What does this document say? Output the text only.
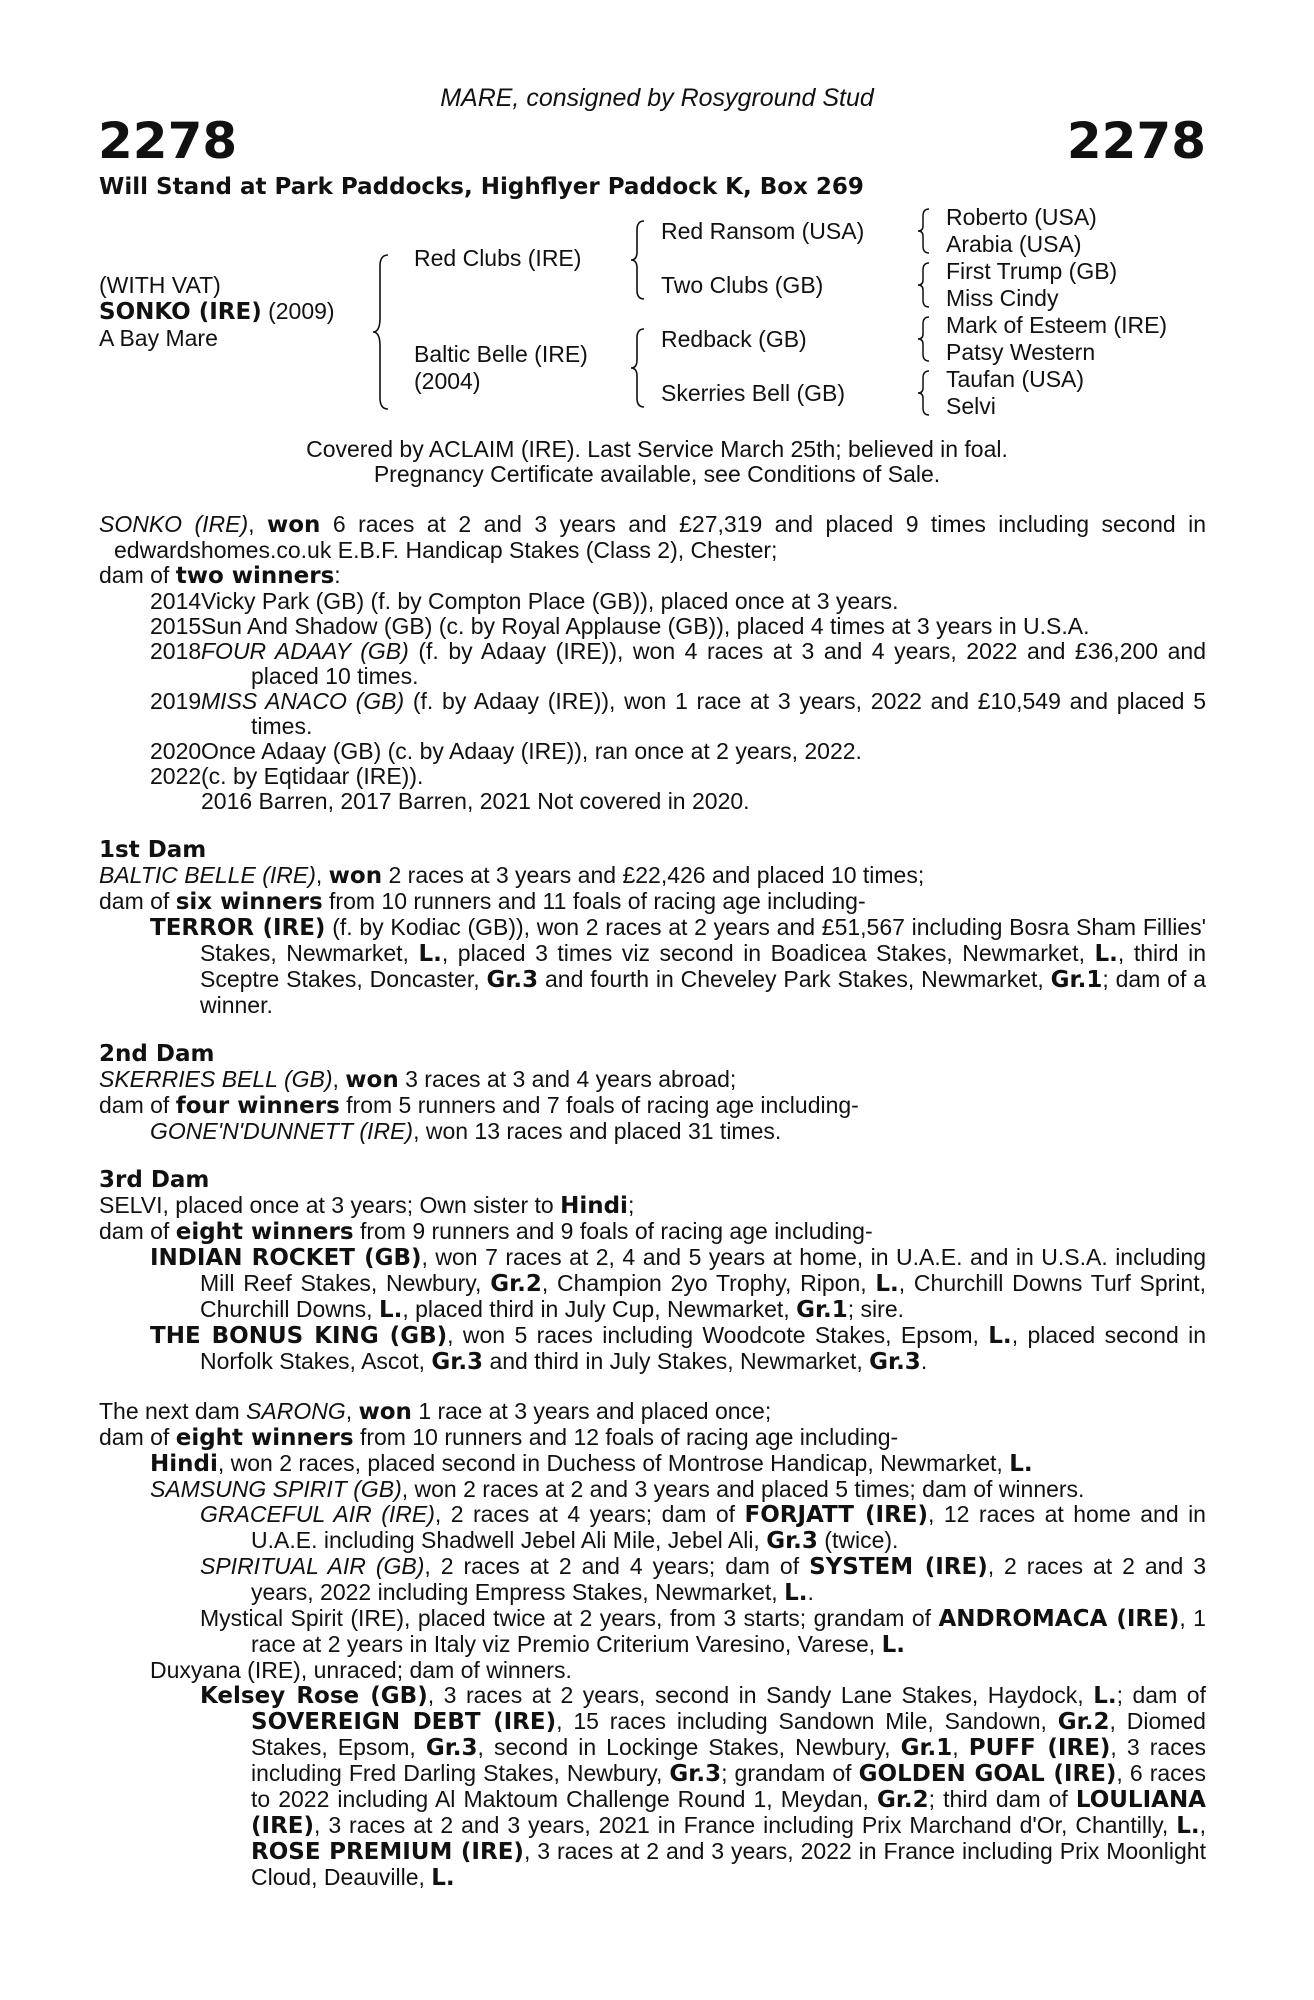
MARE, consigned by Rosyground Stud
2278	2278
Will Stand at Park Paddocks, Highflyer Paddock K, Box 269
(WITH VAT)
SONKO (IRE) (2009)
A Bay Mare
Red Clubs (IRE)
Baltic Belle (IRE)
(2004)
Red Ransom (USA)
Two Clubs (GB)
Redback (GB)
Skerries Bell (GB)
Roberto (USA)
Arabia (USA)
First Trump (GB)
Miss Cindy
Mark of Esteem (IRE)
Patsy Western
Taufan (USA)
Selvi
Covered by ACLAIM (IRE). Last Service March 25th; believed in foal.
Pregnancy Certificate available, see Conditions of Sale.

SONKO (IRE), won 6 races at 2 and 3 years and £27,319 and placed 9 times including second in edwardshomes.co.uk E.B.F. Handicap Stakes (Class 2), Chester;

dam of two winners:

2014 Vicky Park (GB) (f. by Compton Place (GB)), placed once at 3 years.
2015 Sun And Shadow (GB) (c. by Royal Applause (GB)), placed 4 times at 3 years in U.S.A.
2018 FOUR ADAAY (GB) (f. by Adaay (IRE)), won 4 races at 3 and 4 years, 2022 and £36,200 and placed 10 times.
2019 MISS ANACO (GB) (f. by Adaay (IRE)), won 1 race at 3 years, 2022 and £10,549 and placed 5 times.
2020 Once Adaay (GB) (c. by Adaay (IRE)), ran once at 2 years, 2022.
2022 (c. by Eqtidaar (IRE)).
2016 Barren, 2017 Barren, 2021 Not covered in 2020.

1st Dam

BALTIC BELLE (IRE), won 2 races at 3 years and £22,426 and placed 10 times;

dam of six winners from 10 runners and 11 foals of racing age including-

TERROR (IRE) (f. by Kodiac (GB)), won 2 races at 2 years and £51,567 including Bosra Sham Fillies' Stakes, Newmarket, L., placed 3 times viz second in Boadicea Stakes, Newmarket, L., third in Sceptre Stakes, Doncaster, Gr.3 and fourth in Cheveley Park Stakes, Newmarket, Gr.1; dam of a winner.

2nd Dam

SKERRIES BELL (GB), won 3 races at 3 and 4 years abroad;

dam of four winners from 5 runners and 7 foals of racing age including-

GONE'N'DUNNETT (IRE), won 13 races and placed 31 times.

3rd Dam

SELVI, placed once at 3 years; Own sister to Hindi;

dam of eight winners from 9 runners and 9 foals of racing age including-

INDIAN ROCKET (GB), won 7 races at 2, 4 and 5 years at home, in U.A.E. and in U.S.A. including Mill Reef Stakes, Newbury, Gr.2, Champion 2yo Trophy, Ripon, L., Churchill Downs Turf Sprint, Churchill Downs, L., placed third in July Cup, Newmarket, Gr.1; sire.

THE BONUS KING (GB), won 5 races including Woodcote Stakes, Epsom, L., placed second in Norfolk Stakes, Ascot, Gr.3 and third in July Stakes, Newmarket, Gr.3.

The next dam SARONG, won 1 race at 3 years and placed once;

dam of eight winners from 10 runners and 12 foals of racing age including-

Hindi, won 2 races, placed second in Duchess of Montrose Handicap, Newmarket, L.

SAMSUNG SPIRIT (GB), won 2 races at 2 and 3 years and placed 5 times; dam of winners.

GRACEFUL AIR (IRE), 2 races at 4 years; dam of FORJATT (IRE), 12 races at home and in U.A.E. including Shadwell Jebel Ali Mile, Jebel Ali, Gr.3 (twice).

SPIRITUAL AIR (GB), 2 races at 2 and 4 years; dam of SYSTEM (IRE), 2 races at 2 and 3 years, 2022 including Empress Stakes, Newmarket, L..

Mystical Spirit (IRE), placed twice at 2 years, from 3 starts; grandam of ANDROMACA (IRE), 1 race at 2 years in Italy viz Premio Criterium Varesino, Varese, L.

Duxyana (IRE), unraced; dam of winners.

Kelsey Rose (GB), 3 races at 2 years, second in Sandy Lane Stakes, Haydock, L.; dam of SOVEREIGN DEBT (IRE), 15 races including Sandown Mile, Sandown, Gr.2, Diomed Stakes, Epsom, Gr.3, second in Lockinge Stakes, Newbury, Gr.1, PUFF (IRE), 3 races including Fred Darling Stakes, Newbury, Gr.3; grandam of GOLDEN GOAL (IRE), 6 races to 2022 including Al Maktoum Challenge Round 1, Meydan, Gr.2; third dam of LOULIANA (IRE), 3 races at 2 and 3 years, 2021 in France including Prix Marchand d'Or, Chantilly, L., ROSE PREMIUM (IRE), 3 races at 2 and 3 years, 2022 in France including Prix Moonlight Cloud, Deauville, L.
